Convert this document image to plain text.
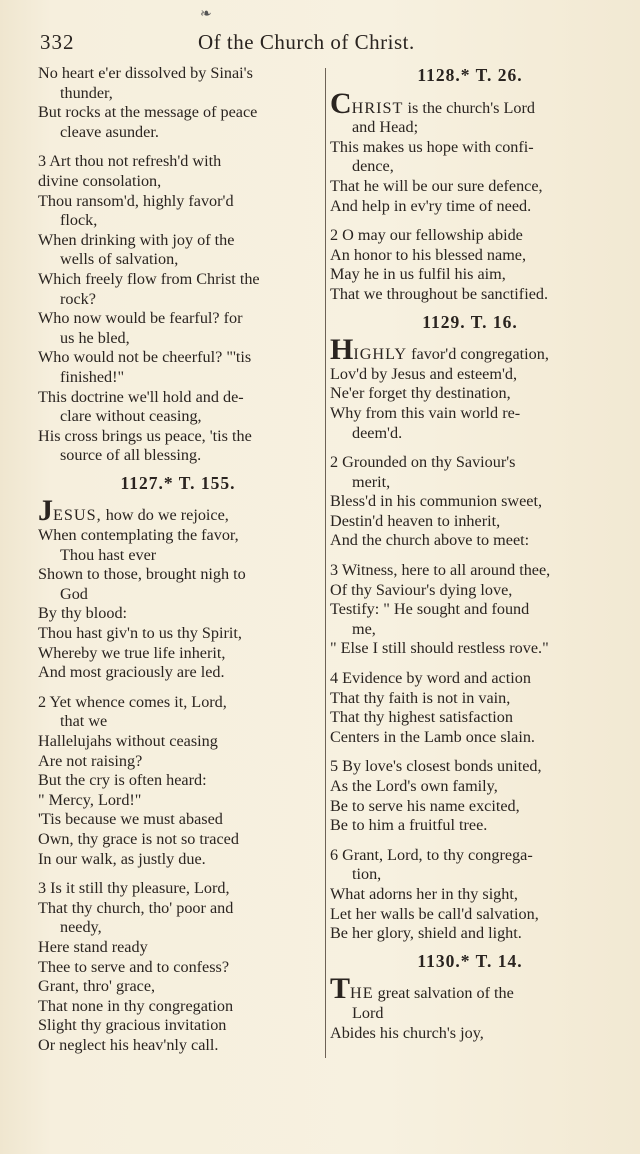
❧
332	Of the Church of Christ.
No heart e'er dissolved by Sinai's
thunder,
But rocks at the message of peace
cleave asunder.
3 Art thou not refresh'd with
divine consolation,
Thou ransom'd, highly favor'd
flock,
When drinking with joy of the
wells of salvation,
Which freely flow from Christ the
rock?
Who now would be fearful? for
us he bled,
Who would not be cheerful? "'tis
finished!"
This doctrine we'll hold and de-
clare without ceasing,
His cross brings us peace, 'tis the
source of all blessing.
1127.* T. 155.
JESUS, how do we rejoice,
When contemplating the favor,
Thou hast ever
Shown to those, brought nigh to
God
By thy blood:
Thou hast giv'n to us thy Spirit,
Whereby we true life inherit,
And most graciously are led.
2 Yet whence comes it, Lord,
that we
Hallelujahs without ceasing
Are not raising?
But the cry is often heard:
" Mercy, Lord!"
'Tis because we must abased
Own, thy grace is not so traced
In our walk, as justly due.
3 Is it still thy pleasure, Lord,
That thy church, tho' poor and
needy,
Here stand ready
Thee to serve and to confess?
Grant, thro' grace,
That none in thy congregation
Slight thy gracious invitation
Or neglect his heav'nly call.
1128.* T. 26.
CHRIST is the church's Lord
and Head;
This makes us hope with confi-
dence,
That he will be our sure defence,
And help in ev'ry time of need.
2 O may our fellowship abide
An honor to his blessed name,
May he in us fulfil his aim,
That we throughout be sanctified.
1129. T. 16.
HIGHLY favor'd congregation,
Lov'd by Jesus and esteem'd,
Ne'er forget thy destination,
Why from this vain world re-
deem'd.
2 Grounded on thy Saviour's
merit,
Bless'd in his communion sweet,
Destin'd heaven to inherit,
And the church above to meet:
3 Witness, here to all around thee,
Of thy Saviour's dying love,
Testify: " He sought and found
me,
" Else I still should restless rove."
4 Evidence by word and action
That thy faith is not in vain,
That thy highest satisfaction
Centers in the Lamb once slain.
5 By love's closest bonds united,
As the Lord's own family,
Be to serve his name excited,
Be to him a fruitful tree.
6 Grant, Lord, to thy congrega-
tion,
What adorns her in thy sight,
Let her walls be call'd salvation,
Be her glory, shield and light.
1130.* T. 14.
THE great salvation of the
Lord
Abides his church's joy,
